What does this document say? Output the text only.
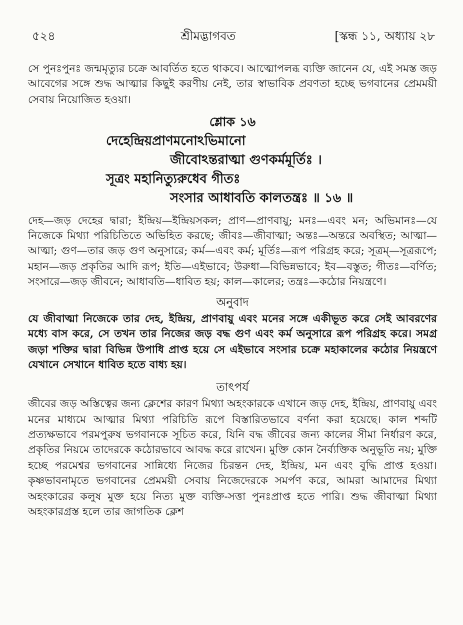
৫২৪	শ্রীমদ্ভাগবত	[স্কন্ধ ১১, অধ্যায় ২৮

সে পুনঃপুনঃ জন্মমৃত্যুর চক্রে আবর্তিত হতে থাকবে। আত্মোপলব্ধ ব্যক্তি জানেন যে, এই সমস্ত জড় আবেগের সঙ্গে শুদ্ধ আত্মার কিছুই করণীয় নেই, তার স্বাভাবিক প্রবণতা হচ্ছে ভগবানের প্রেমময়ী সেবায় নিয়োজিত হওয়া।

শ্লোক ১৬
দেহেন্দ্রিয়প্রাণমনোঽভিমানো
জীবোঽন্তরাত্মা গুণকর্মমূর্তিঃ ।
সূত্রং মহানিত্যুরুধেব গীতঃ
সংসার আধাবতি কালতন্ত্রঃ ॥ ১৬ ॥

দেহ—জড় দেহের দ্বারা; ইন্দ্রিয়—ইন্দ্রিয়সকল; প্রাণ—প্রাণবায়ু; মনঃ—এবং মন; অভিমানঃ—যে নিজেকে মিথ্যা পরিচিতিতে অভিহিত করছে; জীবঃ—জীবাত্মা; অন্তঃ—অন্তরে অবস্থিত; আত্মা—আত্মা; গুণ—তার জড় গুণ অনুসারে; কর্ম—এবং কর্ম; মূর্তিঃ—রূপ পরিগ্রহ করে; সূত্রম্—সূত্ররূপে; মহান—জড় প্রকৃতির আদি রূপ; ইতি—এইভাবে; উরুধা—বিভিন্নভাবে; ইব—বস্তুত; গীতঃ—বর্ণিত; সংসারে—জড় জীবনে; আধাবতি—ধাবিত হয়; কাল—কালের; তন্ত্রঃ—কঠোর নিয়ন্ত্রণে।

অনুবাদ

যে জীবাত্মা নিজেকে তার দেহ, ইন্দ্রিয়, প্রাণবায়ু এবং মনের সঙ্গে একীভূত করে সেই আবরণের মধ্যে বাস করে, সে তখন তার নিজের জড় বদ্ধ গুণ এবং কর্ম অনুসারে রূপ পরিগ্রহ করে। সমগ্র জড়া শক্তির দ্বারা বিভিন্ন উপাধি প্রাপ্ত হয়ে সে এইভাবে সংসার চক্রে মহাকালের কঠোর নিয়ন্ত্রণে যেখানে সেখানে ধাবিত হতে বাধ্য হয়।

তাৎপর্য

জীবের জড় অস্তিত্বের জন্য ক্লেশের কারণ মিথ্যা অহংকারকে এখানে জড় দেহ, ইন্দ্রিয়, প্রাণবায়ু এবং মনের মাধ্যমে আত্মার মিথ্যা পরিচিতি রূপে বিস্তারিতভাবে বর্ণনা করা হয়েছে। কাল শব্দটি প্রত্যক্ষভাবে পরমপুরুষ ভগবানকে সূচিত করে, যিনি বদ্ধ জীবের জন্য কালের সীমা নির্ধারণ করে, প্রকৃতির নিয়মে তাদেরকে কঠোরভাবে আবদ্ধ করে রাখেন। মুক্তি কোন নৈর্ব্যক্তিক অনুভূতি নয়; মুক্তি হচ্ছে পরমেশ্বর ভগবানের সান্নিধ্যে নিজের চিরন্তন দেহ, ইন্দ্রিয়, মন এবং বুদ্ধি প্রাপ্ত হওয়া। কৃষ্ণভাবনামৃতে ভগবানের প্রেমময়ী সেবায় নিজেদেরকে সমর্পণ করে, আমরা আমাদের মিথ্যা অহংকারের কলুষ মুক্ত হয়ে নিত্য মুক্ত ব্যক্তি-সত্তা পুনঃপ্রাপ্ত হতে পারি। শুদ্ধ জীবাত্মা মিথ্যা অহংকারগ্রস্ত হলে তার জাগতিক ক্লেশ
